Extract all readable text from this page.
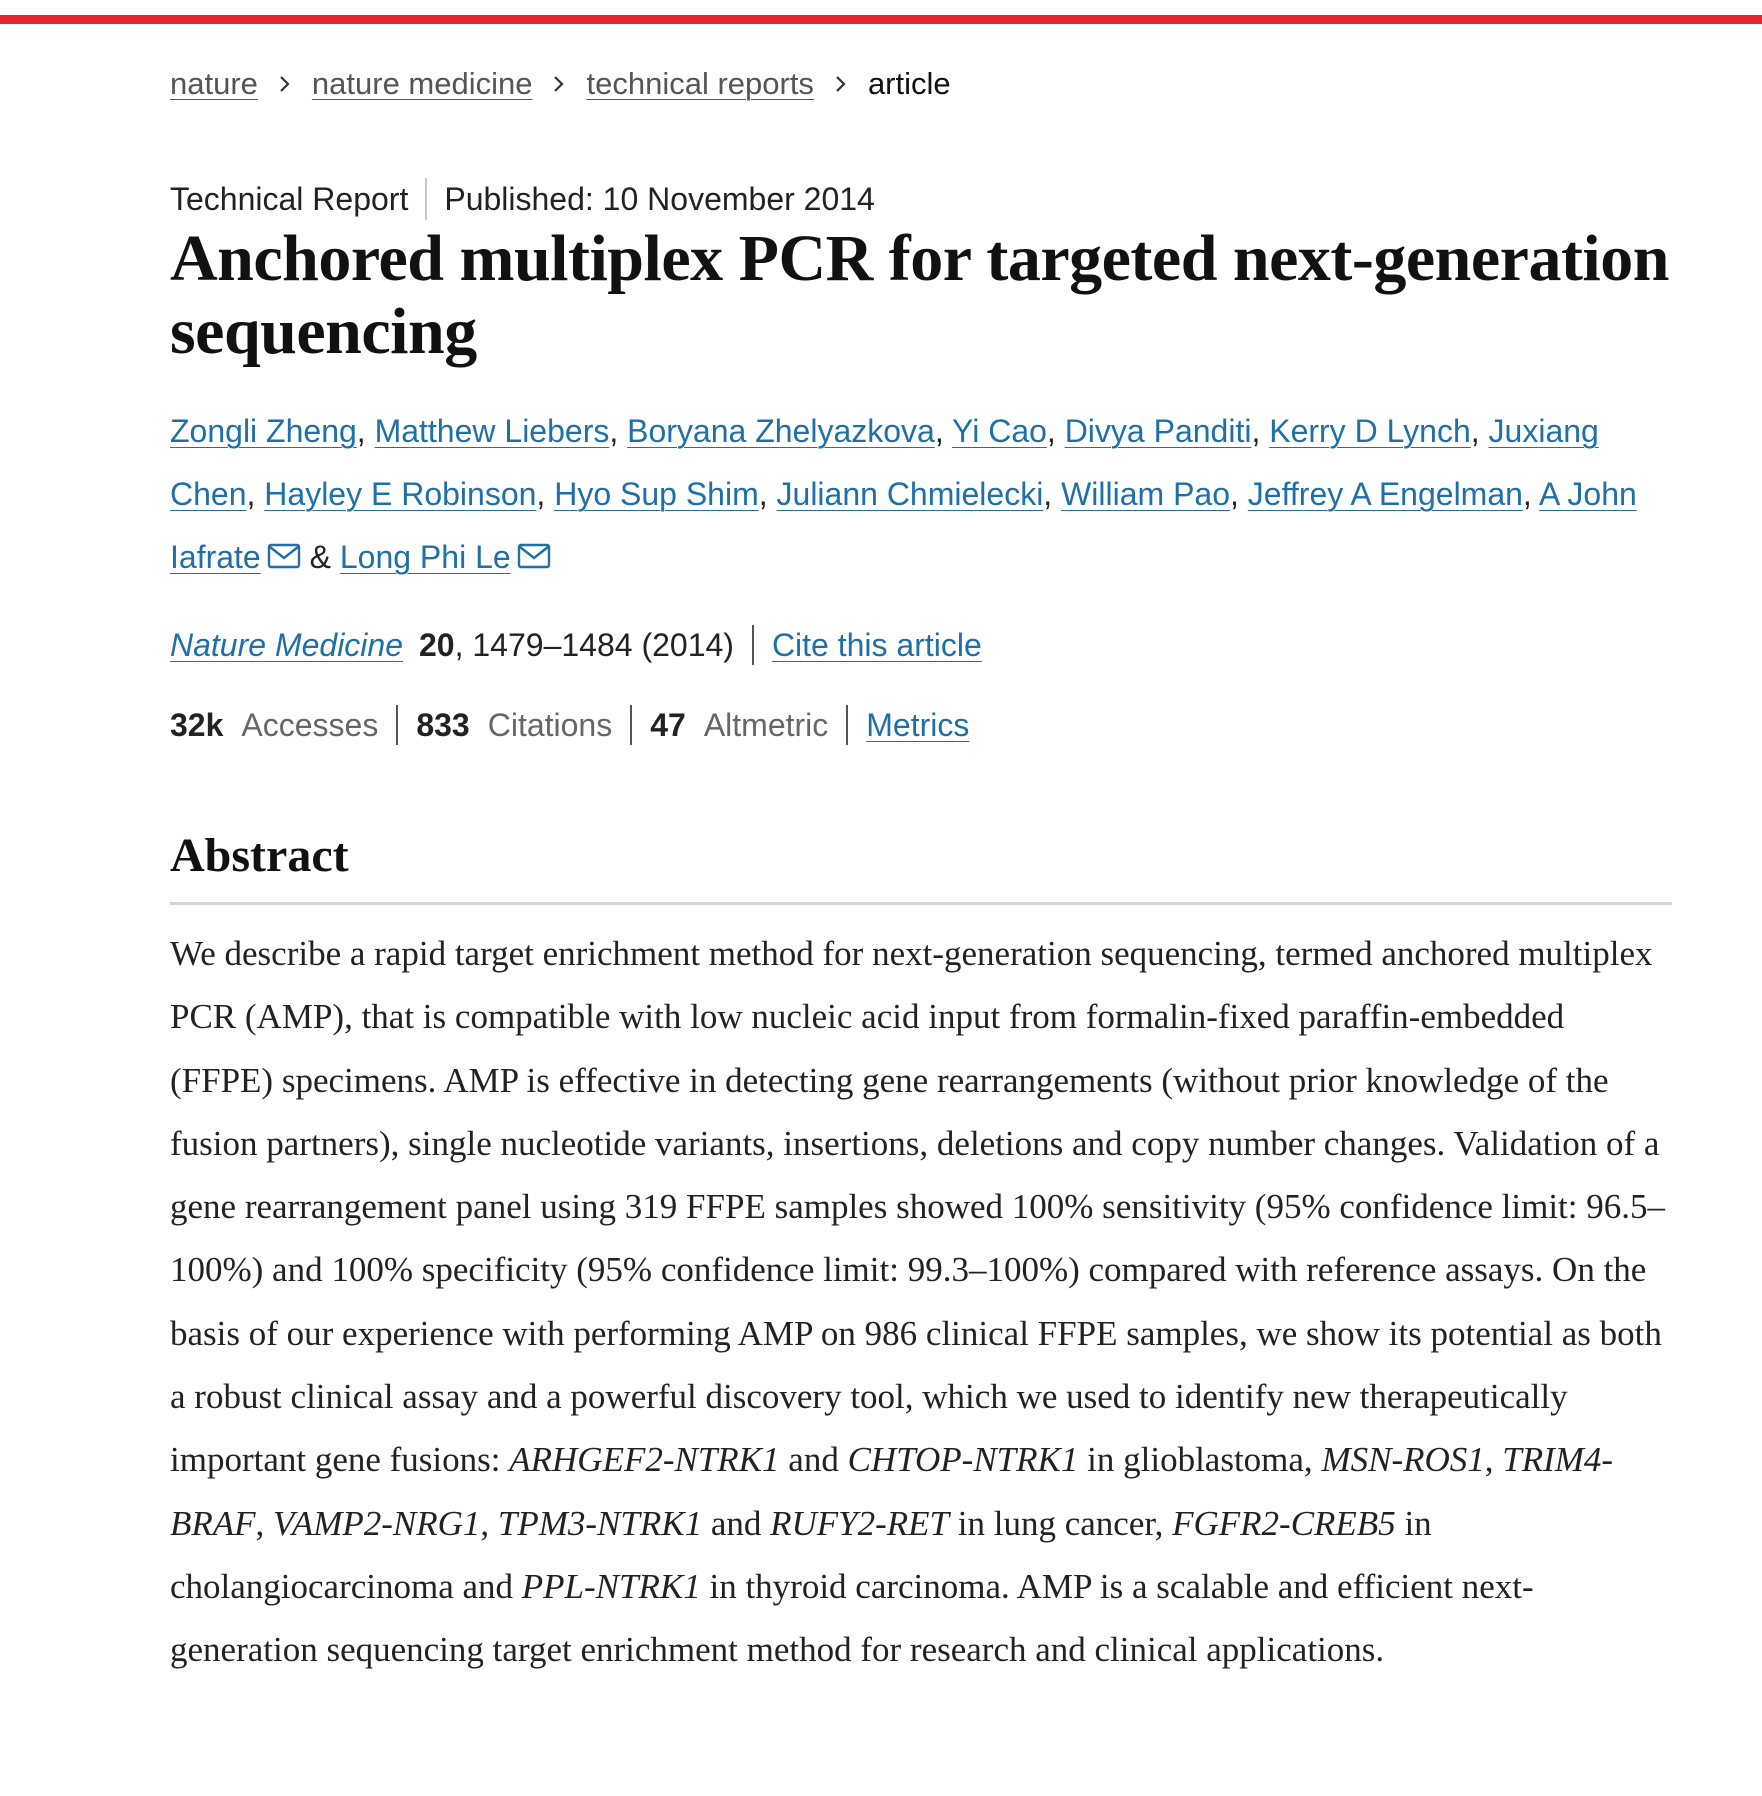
nature nature medicine technical reports article
Technical Report Published: 10 November 2014
Anchored multiplex PCR for targeted next-generation sequencing
Zongli Zheng, Matthew Liebers, Boryana Zhelyazkova, Yi Cao, Divya Panditi, Kerry D Lynch, Juxiang Chen, Hayley E Robinson, Hyo Sup Shim, Juliann Chmielecki, William Pao, Jeffrey A Engelman, A John Iafrate & Long Phi Le
Nature Medicine 20 , 1479–1484 (2014) Cite this article
32k Accesses 833 Citations 47 Altmetric Metrics
Abstract

We describe a rapid target enrichment method for next-generation sequencing, termed anchored multiplex PCR (AMP), that is compatible with low nucleic acid input from formalin-fixed paraffin-embedded (FFPE) specimens. AMP is effective in detecting gene rearrangements (without prior knowledge of the fusion partners), single nucleotide variants, insertions, deletions and copy number changes. Validation of a gene rearrangement panel using 319 FFPE samples showed 100% sensitivity (95% confidence limit: 96.5–100%) and 100% specificity (95% confidence limit: 99.3–100%) compared with reference assays. On the basis of our experience with performing AMP on 986 clinical FFPE samples, we show its potential as both a robust clinical assay and a powerful discovery tool, which we used to identify new therapeutically important gene fusions: ARHGEF2-NTRK1 and CHTOP-NTRK1 in glioblastoma, MSN-ROS1, TRIM4-BRAF, VAMP2-NRG1, TPM3-NTRK1 and RUFY2-RET in lung cancer, FGFR2-CREB5 in cholangiocarcinoma and PPL-NTRK1 in thyroid carcinoma. AMP is a scalable and efficient next-generation sequencing target enrichment method for research and clinical applications.
